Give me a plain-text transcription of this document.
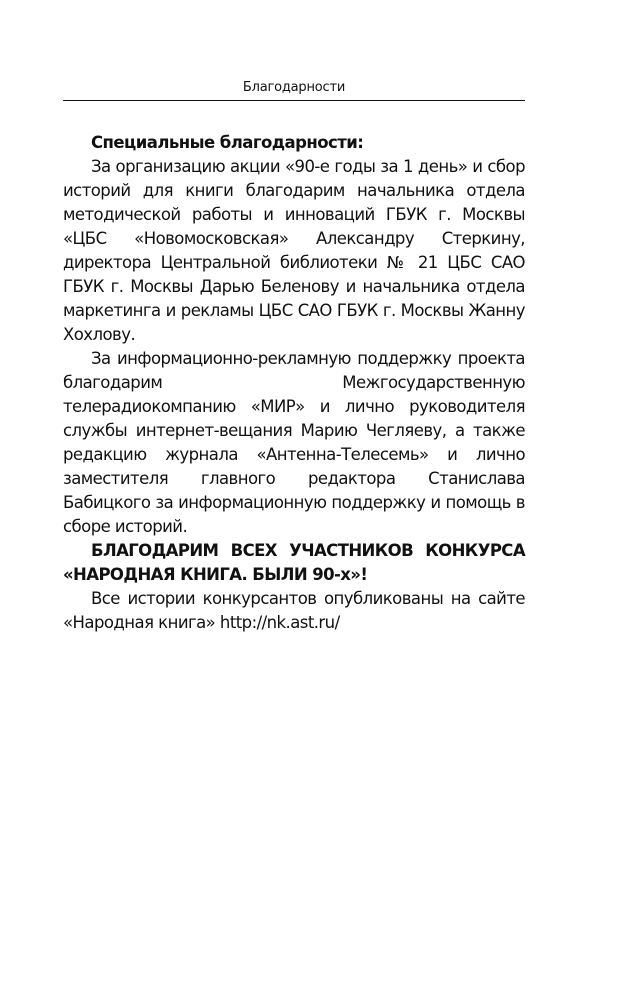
Благодарности

Специальные благодарности:

За организацию акции «90-е годы за 1 день» и сбор историй для книги благодарим начальника отдела методической работы и инноваций ГБУК г. Москвы «ЦБС «Новомосковская» Александру Стеркину, директора Центральной библиотеки № 21 ЦБС САО ГБУК г. Москвы Дарью Беленову и начальника отдела маркетинга и рекламы ЦБС САО ГБУК г. Москвы Жанну Хохлову.

За информационно-рекламную поддержку проекта благодарим Межгосударственную телерадиокомпанию «МИР» и лично руководителя службы интернет-вещания Марию Чегляеву, а также редакцию журнала «Антенна-Телесемь» и лично заместителя главного редактора Станислава Бабицкого за информационную поддержку и помощь в сборе историй.

БЛАГОДАРИМ ВСЕХ УЧАСТНИКОВ КОНКУРСА «НАРОДНАЯ КНИГА. БЫЛИ 90-х»!

Все истории конкурсантов опубликованы на сайте «Народная книга» http://nk.ast.ru/
